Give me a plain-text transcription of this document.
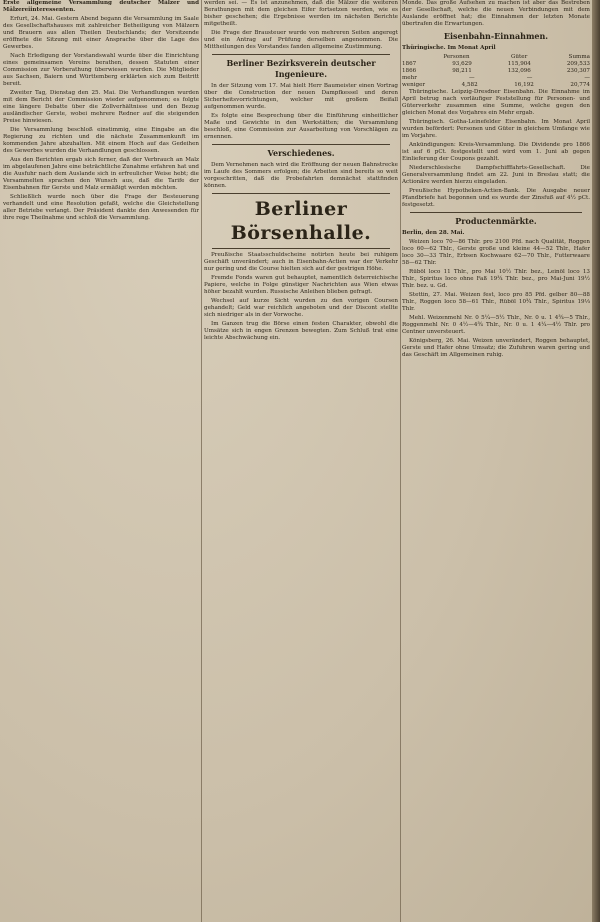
Erste allgemeine Versammlung deutscher Mälzer und Mälzereiinteressenten.

Erfurt, 24. Mai. Gestern Abend begann die Versammlung im Saale des Gesellschaftshauses mit zahlreicher Betheiligung von Mälzern und Brauern aus allen Theilen Deutschlands; der Vorsitzende eröffnete die Sitzung mit einer Ansprache über die Lage des Gewerbes.

Nach Erledigung der Vorstandswahl wurde über die Einrichtung eines gemeinsamen Vereins berathen, dessen Statuten einer Commission zur Vorberathung überwiesen wurden. Die Mitglieder aus Sachsen, Baiern und Württemberg erklärten sich zum Beitritt bereit.

Zweiter Tag, Dienstag den 25. Mai. Die Verhandlungen wurden mit dem Bericht der Commission wieder aufgenommen; es folgte eine längere Debatte über die Zollverhältnisse und den Bezug ausländischer Gerste, wobei mehrere Redner auf die steigenden Preise hinwiesen.

Die Versammlung beschloß einstimmig, eine Eingabe an die Regierung zu richten und die nächste Zusammenkunft im kommenden Jahre abzuhalten. Mit einem Hoch auf das Gedeihen des Gewerbes wurden die Verhandlungen geschlossen.

Aus den Berichten ergab sich ferner, daß der Verbrauch an Malz im abgelaufenen Jahre eine beträchtliche Zunahme erfahren hat und die Ausfuhr nach dem Auslande sich in erfreulicher Weise hebt; die Versammelten sprachen den Wunsch aus, daß die Tarife der Eisenbahnen für Gerste und Malz ermäßigt werden möchten.

Schließlich wurde noch über die Frage der Besteuerung verhandelt und eine Resolution gefaßt, welche die Gleichstellung aller Betriebe verlangt. Der Präsident dankte den Anwesenden für ihre rege Theilnahme und schloß die Versammlung.

werden sei. — Es ist anzunehmen, daß die Mälzer die weiteren Berathungen mit dem gleichen Eifer fortsetzen werden, wie es bisher geschehen; die Ergebnisse werden im nächsten Berichte mitgetheilt.

Die Frage der Brausteuer wurde von mehreren Seiten angeregt und ein Antrag auf Prüfung derselben angenommen. Die Mittheilungen des Vorstandes fanden allgemeine Zustimmung.

Berliner Bezirksverein deutscher Ingenieure.

In der Sitzung vom 17. Mai hielt Herr Baumeister einen Vortrag über die Construction der neuen Dampfkessel und deren Sicherheitsvorrichtungen, welcher mit großem Beifall aufgenommen wurde.

Es folgte eine Besprechung über die Einführung einheitlicher Maße und Gewichte in den Werkstätten; die Versammlung beschloß, eine Commission zur Ausarbeitung von Vorschlägen zu ernennen.

Verschiedenes.

Dem Vernehmen nach wird die Eröffnung der neuen Bahnstrecke im Laufe des Sommers erfolgen; die Arbeiten sind bereits so weit vorgeschritten, daß die Probefahrten demnächst stattfinden können.

Berliner Börsenhalle.

Preußische Staatsschuldscheine notirten heute bei ruhigem Geschäft unverändert; auch in Eisenbahn-Actien war der Verkehr nur gering und die Course hielten sich auf der gestrigen Höhe.

Fremde Fonds waren gut behauptet, namentlich österreichische Papiere, welche in Folge günstiger Nachrichten aus Wien etwas höher bezahlt wurden. Russische Anleihen blieben gefragt.

Wechsel auf kurze Sicht wurden zu den vorigen Coursen gehandelt; Geld war reichlich angeboten und der Discont stellte sich niedriger als in der Vorwoche.

Im Ganzen trug die Börse einen festen Charakter, obwohl die Umsätze sich in engen Grenzen bewegten. Zum Schluß trat eine leichte Abschwächung ein.

Monde. Das große Aufsehen zu machen ist aber das Bestreben der Gesellschaft, welche die neuen Verbindungen mit dem Auslande eröffnet hat; die Einnahmen der letzten Monate übertrafen die Erwartungen.

Eisenbahn-Einnahmen.

Thüringische. Im Monat April

Personen	Güter	Summa
1867	93,629	115,904	209,533
1866	98,211	132,096	230,307
mehr	—	—	—
weniger	4,582	16,192	20,774

Thüringische. Leipzig-Dresdner Eisenbahn. Die Einnahme im April betrug nach vorläufiger Feststellung für Personen- und Güterverkehr zusammen eine Summe, welche gegen den gleichen Monat des Vorjahres ein Mehr ergab.

Thüringisch. Gotha-Leinefelder Eisenbahn. Im Monat April wurden befördert: Personen und Güter in gleichem Umfange wie im Vorjahre.

Ankündigungen: Kreis-Versammlung. Die Dividende pro 1866 ist auf 6 pCt. festgestellt und wird vom 1. Juni ab gegen Einlieferung der Coupons gezahlt.

Niederschlesische Dampfschifffahrts-Gesellschaft. Die Generalversammlung findet am 22. Juni in Breslau statt; die Actionäre werden hierzu eingeladen.

Preußische Hypotheken-Actien-Bank. Die Ausgabe neuer Pfandbriefe hat begonnen und es wurde der Zinsfuß auf 4½ pCt. festgesetzt.

Productenmärkte.

Berlin, den 28. Mai.

Weizen loco 70—86 Thlr. pro 2100 Pfd. nach Qualität, Roggen loco 60—62 Thlr., Gerste große und kleine 44—52 Thlr., Hafer loco 30—33 Thlr., Erbsen Kochwaare 62—70 Thlr., Futterwaare 58—62 Thlr.

Rüböl loco 11 Thlr., pro Mai 10½ Thlr. bez., Leinöl loco 13 Thlr., Spiritus loco ohne Faß 19¾ Thlr. bez., pro Mai-Juni 19½ Thlr. bez. u. Gd.

Stettin, 27. Mai. Weizen fest, loco pro 85 Pfd. gelber 80—88 Thlr., Roggen loco 58—61 Thlr., Rüböl 10¾ Thlr., Spiritus 19⅓ Thlr.

Mehl. Weizenmehl Nr. 0 5¼—5½ Thlr., Nr. 0 u. 1 4¾—5 Thlr., Roggenmehl Nr. 0 4½—4¾ Thlr., Nr. 0 u. 1 4¼—4½ Thlr. pro Centner unversteuert.

Königsberg, 26. Mai. Weizen unverändert, Roggen behauptet, Gerste und Hafer ohne Umsatz; die Zufuhren waren gering und das Geschäft im Allgemeinen ruhig.
